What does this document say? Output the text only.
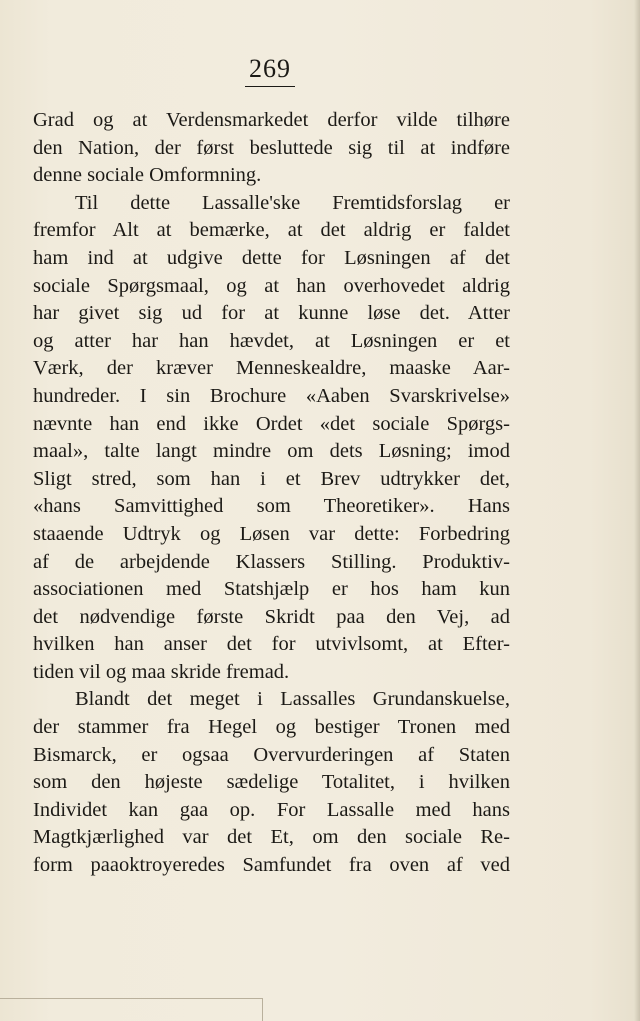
269
Grad og at Verdensmarkedet derfor vilde tilhøre
den Nation, der først besluttede sig til at indføre
denne sociale Omformning.
Til dette Lassalle'ske Fremtidsforslag er
fremfor Alt at bemærke, at det aldrig er faldet
ham ind at udgive dette for Løsningen af det
sociale Spørgsmaal, og at han overhovedet aldrig
har givet sig ud for at kunne løse det. Atter
og atter har han hævdet, at Løsningen er et
Værk, der kræver Menneskealdre, maaske Aar-
hundreder. I sin Brochure «Aaben Svarskrivelse»
nævnte han end ikke Ordet «det sociale Spørgs-
maal», talte langt mindre om dets Løsning; imod
Sligt stred, som han i et Brev udtrykker det,
«hans Samvittighed som Theoretiker». Hans
staaende Udtryk og Løsen var dette: Forbedring
af de arbejdende Klassers Stilling. Produktiv-
associationen med Statshjælp er hos ham kun
det nødvendige første Skridt paa den Vej, ad
hvilken han anser det for utvivlsomt, at Efter-
tiden vil og maa skride fremad.
Blandt det meget i Lassalles Grundanskuelse,
der stammer fra Hegel og bestiger Tronen med
Bismarck, er ogsaa Overvurderingen af Staten
som den højeste sædelige Totalitet, i hvilken
Individet kan gaa op. For Lassalle med hans
Magtkjærlighed var det Et, om den sociale Re-
form paaoktroyeredes Samfundet fra oven af ved
